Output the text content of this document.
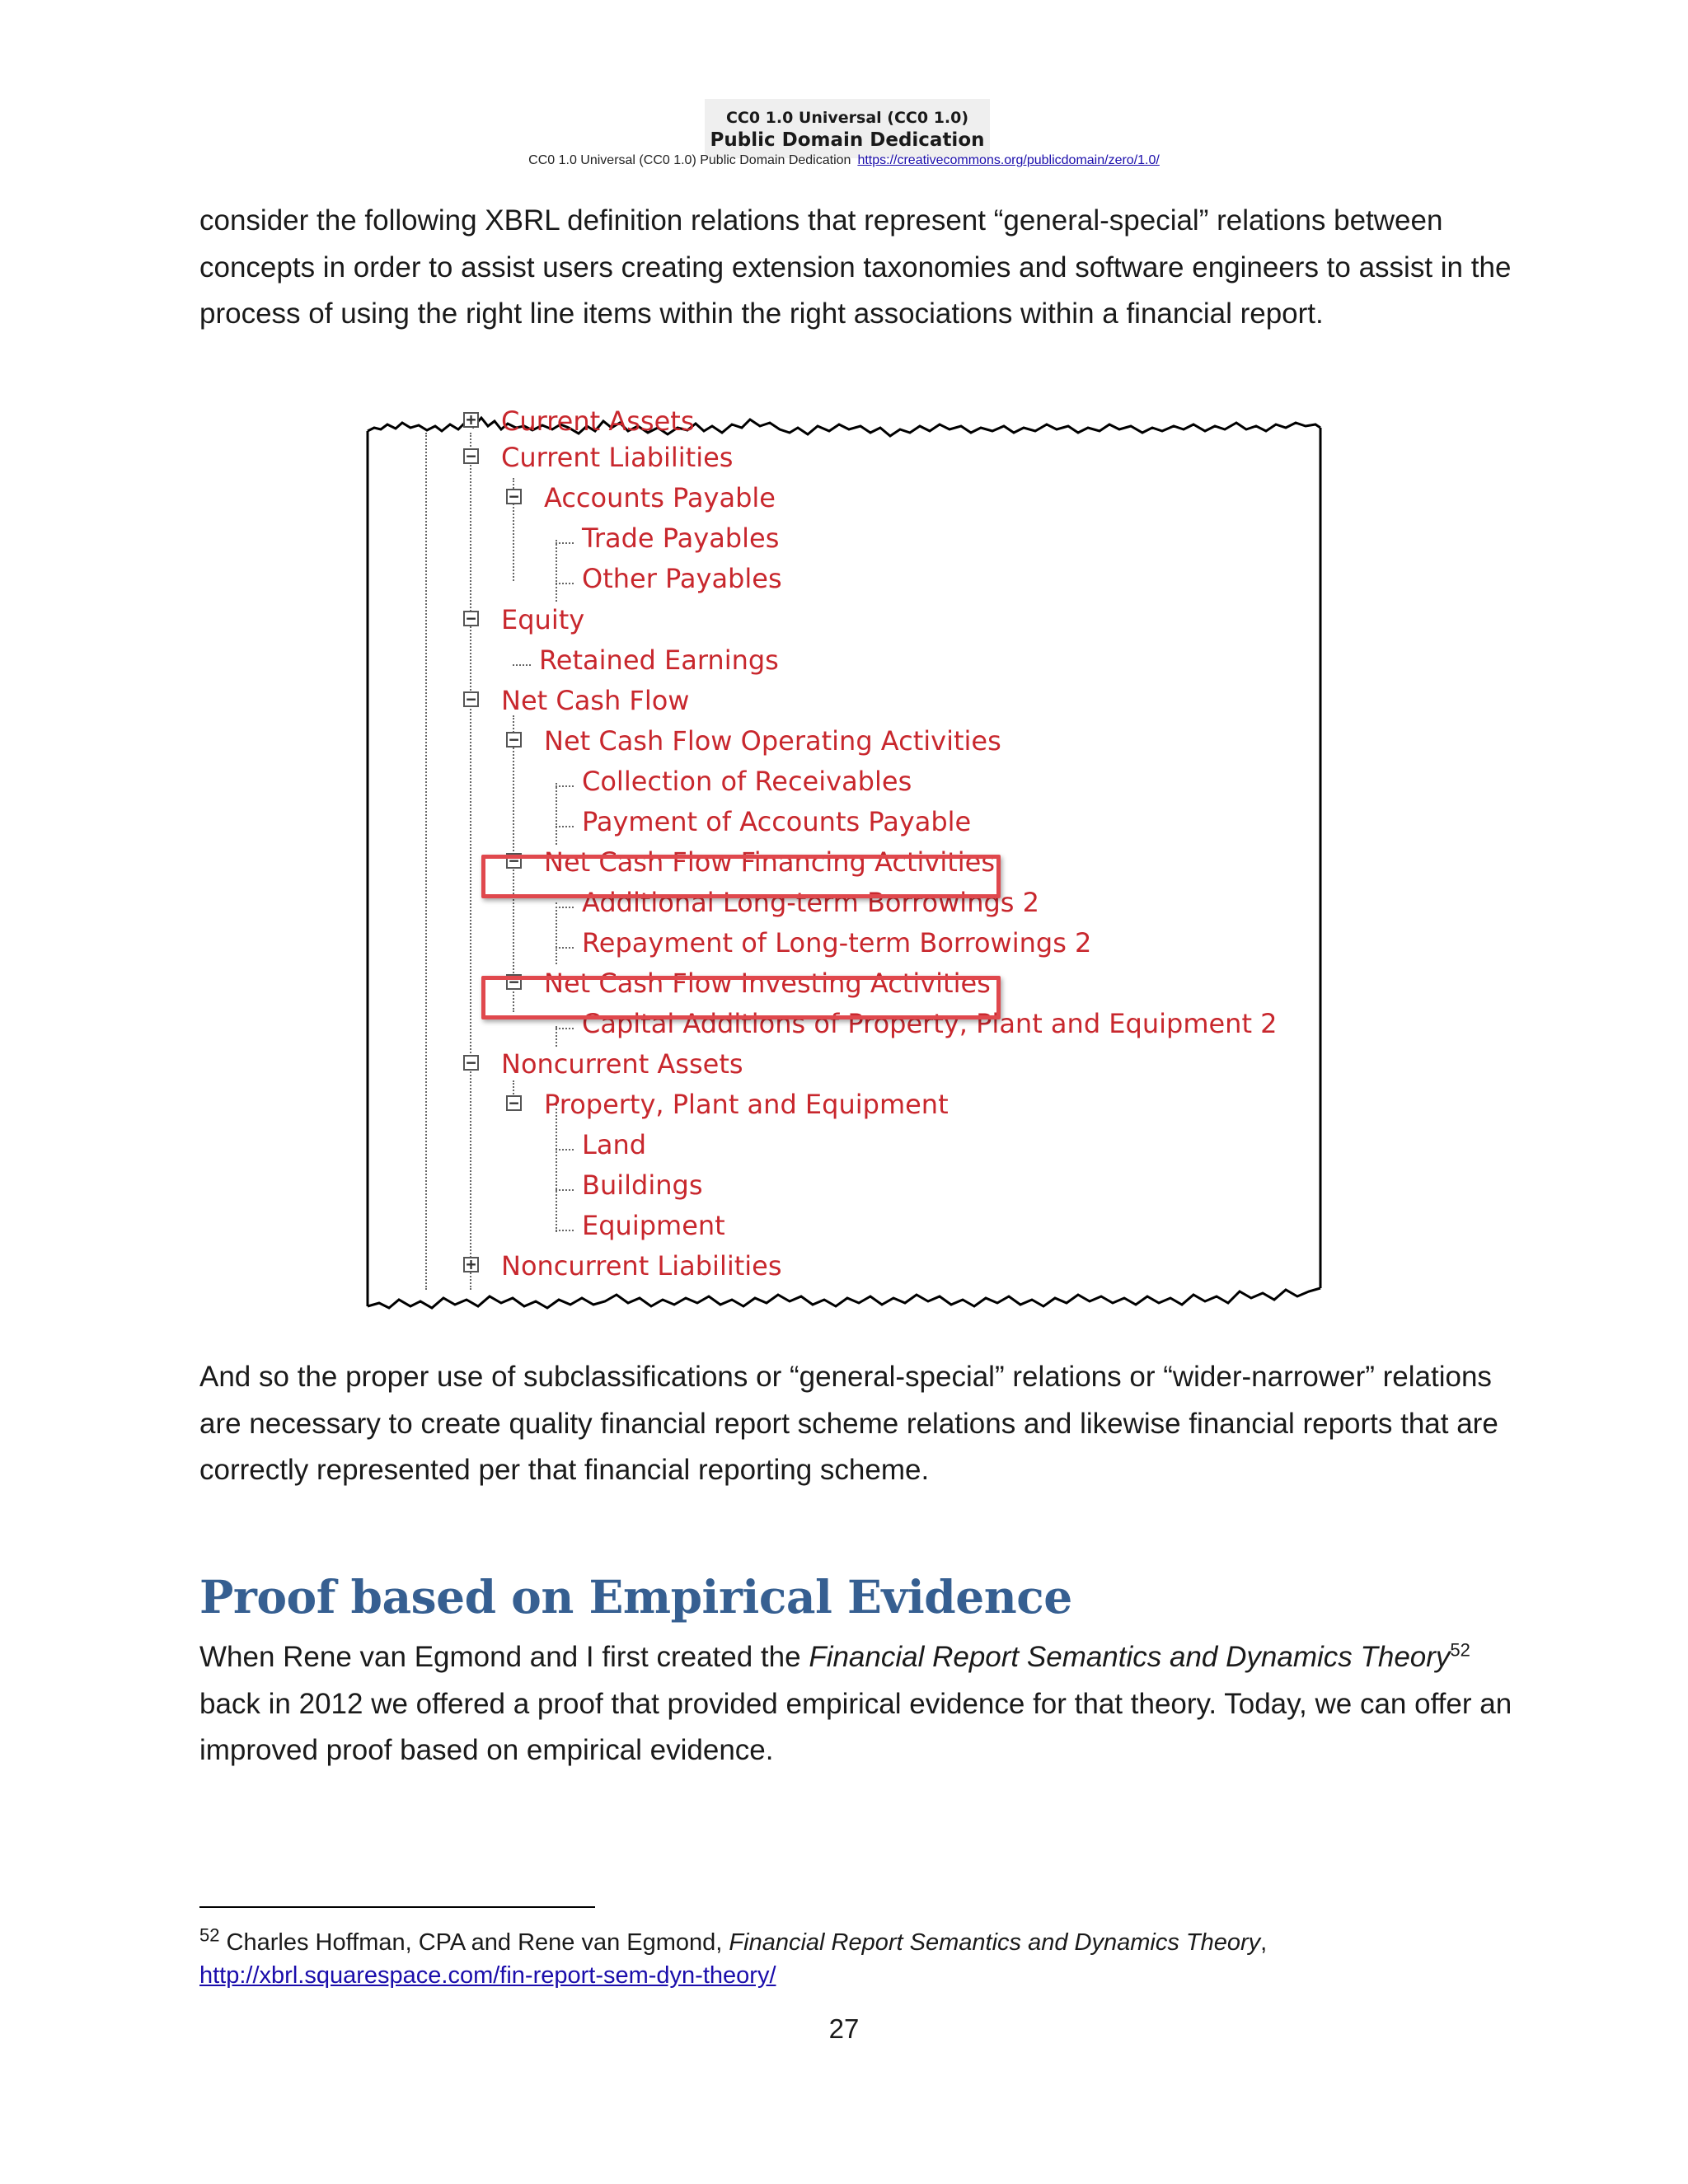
CC0 1.0 Universal (CC0 1.0)
Public Domain Dedication
CC0 1.0 Universal (CC0 1.0) Public Domain Dedication https://creativecommons.org/publicdomain/zero/1.0/

consider the following XBRL definition relations that represent “general-special” relations between concepts in order to assist users creating extension taxonomies and software engineers to assist in the process of using the right line items within the right associations within a financial report.

+ Current Assets
− Current Liabilities
− Accounts Payable
Trade Payables
Other Payables
− Equity
Retained Earnings
− Net Cash Flow
− Net Cash Flow Operating Activities
Collection of Receivables
Payment of Accounts Payable
− Net Cash Flow Financing Activities
Additional Long-term Borrowings 2
Repayment of Long-term Borrowings 2
− Net Cash Flow Investing Activities
Capital Additions of Property, Plant and Equipment 2
− Noncurrent Assets
− Property, Plant and Equipment
Land
Buildings
Equipment
+ Noncurrent Liabilities

And so the proper use of subclassifications or “general-special” relations or “wider-narrower” relations are necessary to create quality financial report scheme relations and likewise financial reports that are correctly represented per that financial reporting scheme.

Proof based on Empirical Evidence

When Rene van Egmond and I first created the Financial Report Semantics and Dynamics Theory$^{52}$ back in 2012 we offered a proof that provided empirical evidence for that theory. Today, we can offer an improved proof based on empirical evidence.

$^{52}$ Charles Hoffman, CPA and Rene van Egmond, Financial Report Semantics and Dynamics Theory,
http://xbrl.squarespace.com/fin-report-sem-dyn-theory/
27
